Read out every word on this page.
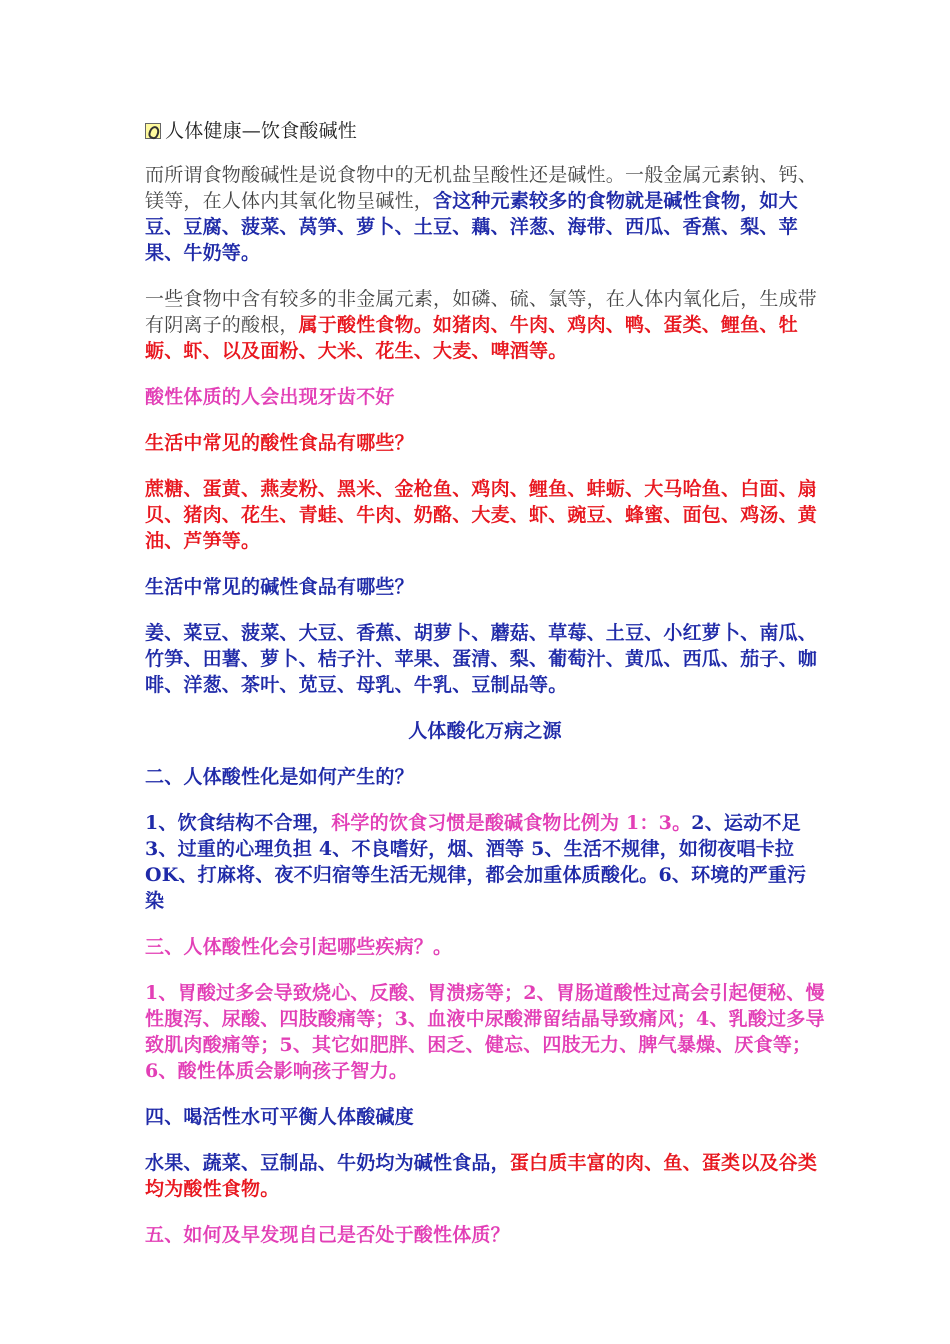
人体健康—饮食酸碱性

而所谓食物酸碱性是说食物中的无机盐呈酸性还是碱性。一般金属元素钠、钙、镁等，在人体内其氧化物呈碱性，含这种元素较多的食物就是碱性食物，如大豆、豆腐、菠菜、莴笋、萝卜、土豆、藕、洋葱、海带、西瓜、香蕉、梨、苹果、牛奶等。

一些食物中含有较多的非金属元素，如磷、硫、氯等，在人体内氧化后，生成带有阴离子的酸根，属于酸性食物。如猪肉、牛肉、鸡肉、鸭、蛋类、鲤鱼、牡蛎、虾、以及面粉、大米、花生、大麦、啤酒等。

酸性体质的人会出现牙齿不好

生活中常见的酸性食品有哪些？

蔗糖、蛋黄、燕麦粉、黑米、金枪鱼、鸡肉、鲤鱼、蚌蛎、大马哈鱼、白面、扇贝、猪肉、花生、青蛙、牛肉、奶酪、大麦、虾、豌豆、蜂蜜、面包、鸡汤、黄油、芦笋等。

生活中常见的碱性食品有哪些？

姜、菜豆、菠菜、大豆、香蕉、胡萝卜、蘑菇、草莓、土豆、小红萝卜、南瓜、竹笋、田薯、萝卜、桔子汁、苹果、蛋清、梨、葡萄汁、黄瓜、西瓜、茄子、咖啡、洋葱、茶叶、苋豆、母乳、牛乳、豆制品等。

人体酸化万病之源

二、人体酸性化是如何产生的？

1、饮食结构不合理，科学的饮食习惯是酸碱食物比例为 1：3。2、运动不足 3、过重的心理负担 4、不良嗜好，烟、酒等 5、生活不规律，如彻夜唱卡拉 OK、打麻将、夜不归宿等生活无规律，都会加重体质酸化。6、环境的严重污染

三、人体酸性化会引起哪些疾病？。

1、胃酸过多会导致烧心、反酸、胃溃疡等；2、胃肠道酸性过高会引起便秘、慢性腹泻、尿酸、四肢酸痛等；3、血液中尿酸滞留结晶导致痛风；4、乳酸过多导致肌肉酸痛等；5、其它如肥胖、困乏、健忘、四肢无力、脾气暴燥、厌食等； 6、酸性体质会影响孩子智力。

四、喝活性水可平衡人体酸碱度

水果、蔬菜、豆制品、牛奶均为碱性食品，蛋白质丰富的肉、鱼、蛋类以及谷类均为酸性食物。

五、如何及早发现自己是否处于酸性体质？
